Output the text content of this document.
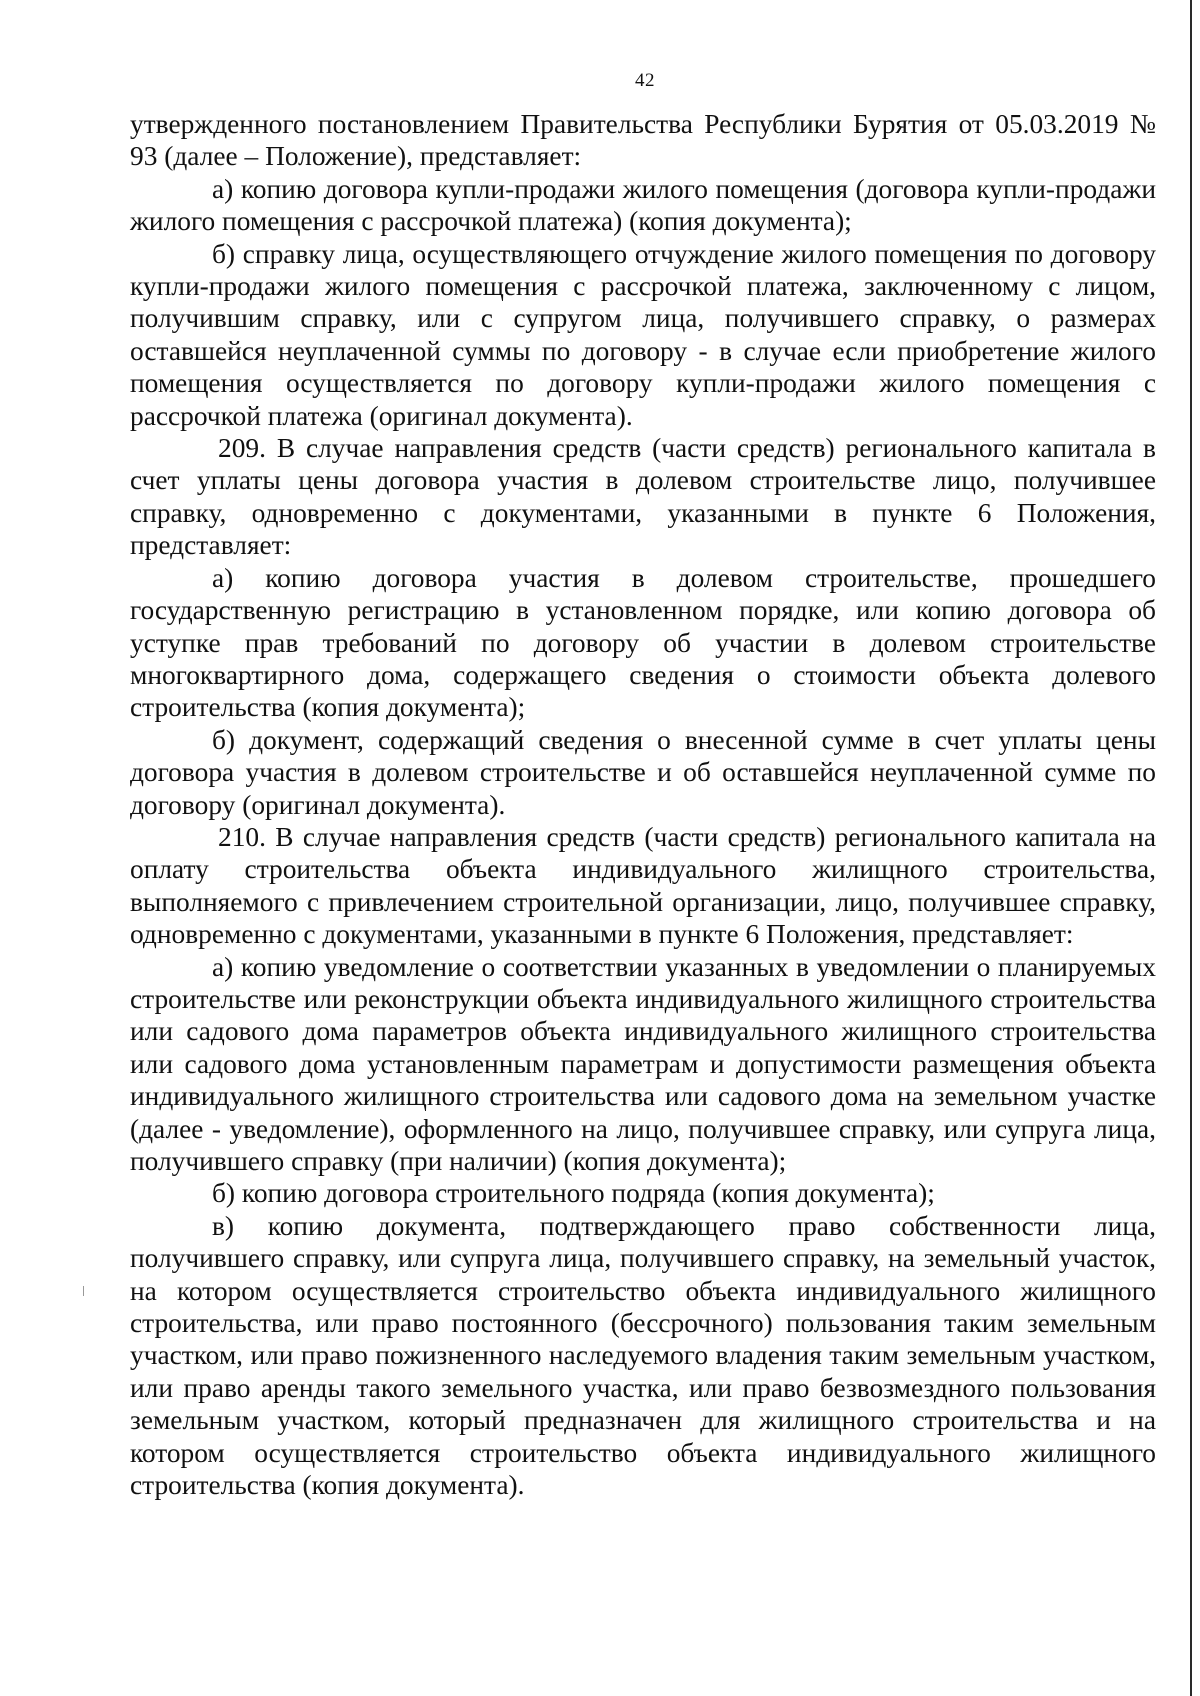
42

утвержденного постановлением Правительства Республики Бурятия от 05.03.2019 № 93 (далее – Положение), представляет:

а) копию договора купли-продажи жилого помещения (договора купли-продажи жилого помещения с рассрочкой платежа) (копия документа);

б) справку лица, осуществляющего отчуждение жилого помещения по договору купли-продажи жилого помещения с рассрочкой платежа, заключенному с лицом, получившим справку, или с супругом лица, получившего справку, о размерах оставшейся неуплаченной суммы по договору - в случае если приобретение жилого помещения осуществляется по договору купли-продажи жилого помещения с рассрочкой платежа (оригинал документа).

209. В случае направления средств (части средств) регионального капитала в счет уплаты цены договора участия в долевом строительстве лицо, получившее справку, одновременно с документами, указанными в пункте 6 Положения, представляет:

а) копию договора участия в долевом строительстве, прошедшего государственную регистрацию в установленном порядке, или копию договора об уступке прав требований по договору об участии в долевом строительстве многоквартирного дома, содержащего сведения о стоимости объекта долевого строительства (копия документа);

б) документ, содержащий сведения о внесенной сумме в счет уплаты цены договора участия в долевом строительстве и об оставшейся неуплаченной сумме по договору (оригинал документа).

210. В случае направления средств (части средств) регионального капитала на оплату строительства объекта индивидуального жилищного строительства, выполняемого с привлечением строительной организации, лицо, получившее справку, одновременно с документами, указанными в пункте 6 Положения, представляет:

а) копию уведомление о соответствии указанных в уведомлении о планируемых строительстве или реконструкции объекта индивидуального жилищного строительства или садового дома параметров объекта индивидуального жилищного строительства или садового дома установленным параметрам и допустимости размещения объекта индивидуального жилищного строительства или садового дома на земельном участке (далее - уведомление), оформленного на лицо, получившее справку, или супруга лица, получившего справку (при наличии) (копия документа);

б) копию договора строительного подряда (копия документа);

в) копию документа, подтверждающего право собственности лица, получившего справку, или супруга лица, получившего справку, на земельный участок, на котором осуществляется строительство объекта индивидуального жилищного строительства, или право постоянного (бессрочного) пользования таким земельным участком, или право пожизненного наследуемого владения таким земельным участком, или право аренды такого земельного участка, или право безвозмездного пользования земельным участком, который предназначен для жилищного строительства и на котором осуществляется строительство объекта индивидуального жилищного строительства (копия документа).
